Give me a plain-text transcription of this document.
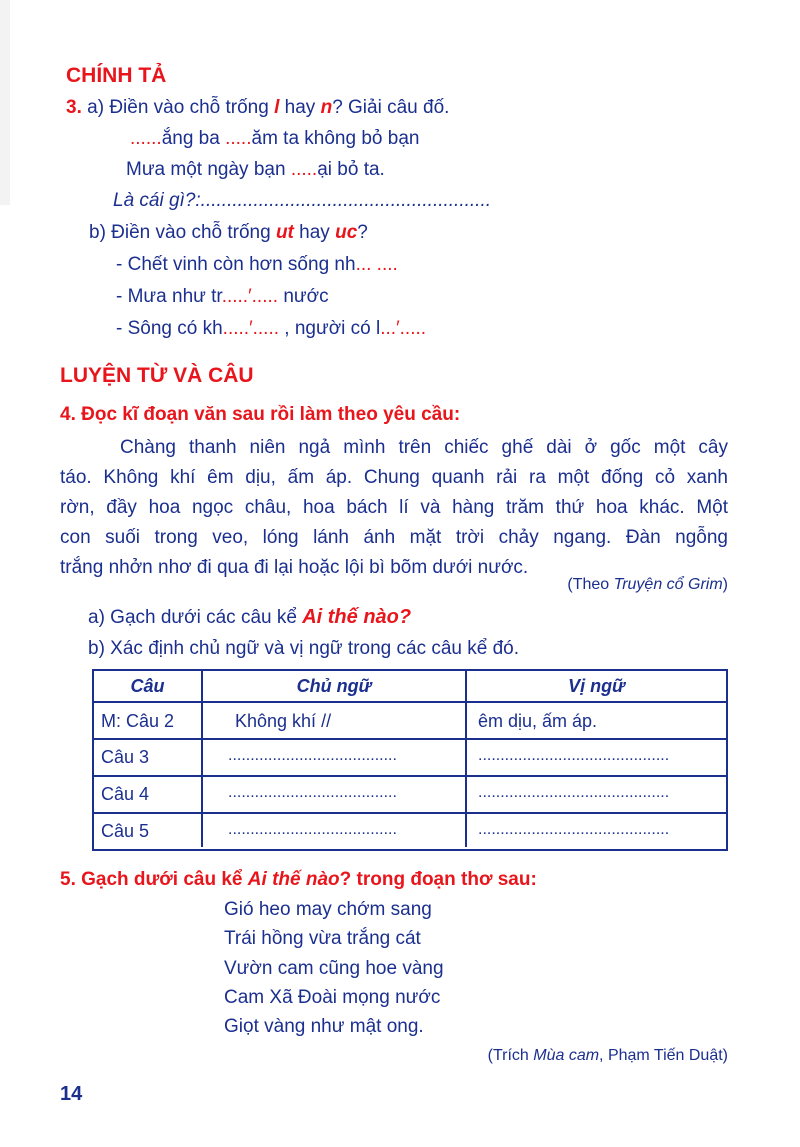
CHÍNH TẢ
3. a) Điền vào chỗ trống l hay n? Giải câu đố.
......ắng ba .....ăm ta không bỏ bạn
Mưa một ngày bạn .....ại bỏ ta.
Là cái gì?:.......................................................
b) Điền vào chỗ trống ut hay uc?
- Chết vinh còn hơn sống nh... ....
- Mưa như tr.....′..... nước
- Sông có kh.....′..... , người có l...′.....
LUYỆN TỪ VÀ CÂU
4. Đọc kĩ đoạn văn sau rồi làm theo yêu cầu:
Chàng thanh niên ngả mình trên chiếc ghế dài ở gốc một cây
táo. Không khí êm dịu, ấm áp. Chung quanh rải ra một đống cỏ xanh
rờn, đầy hoa ngọc châu, hoa bách lí và hàng trăm thứ hoa khác. Một
con suối trong veo, lóng lánh ánh mặt trời chảy ngang. Đàn ngỗng
trắng nhởn nhơ đi qua đi lại hoặc lội bì bõm dưới nước.
(Theo Truyện cổ Grim)
a) Gạch dưới các câu kể Ai thế nào?
b) Xác định chủ ngữ và vị ngữ trong các câu kể đó.
Câu	Chủ ngữ	Vị ngữ
M: Câu 2	Không khí //	êm dịu, ấm áp.
Câu 3	......................................	...........................................
Câu 4	......................................	...........................................
Câu 5	......................................	...........................................
5. Gạch dưới câu kể Ai thế nào? trong đoạn thơ sau:
Gió heo may chớm sang
Trái hồng vừa trắng cát
Vườn cam cũng hoe vàng
Cam Xã Đoài mọng nước
Giọt vàng như mật ong.
(Trích Mùa cam, Phạm Tiến Duật)
14
